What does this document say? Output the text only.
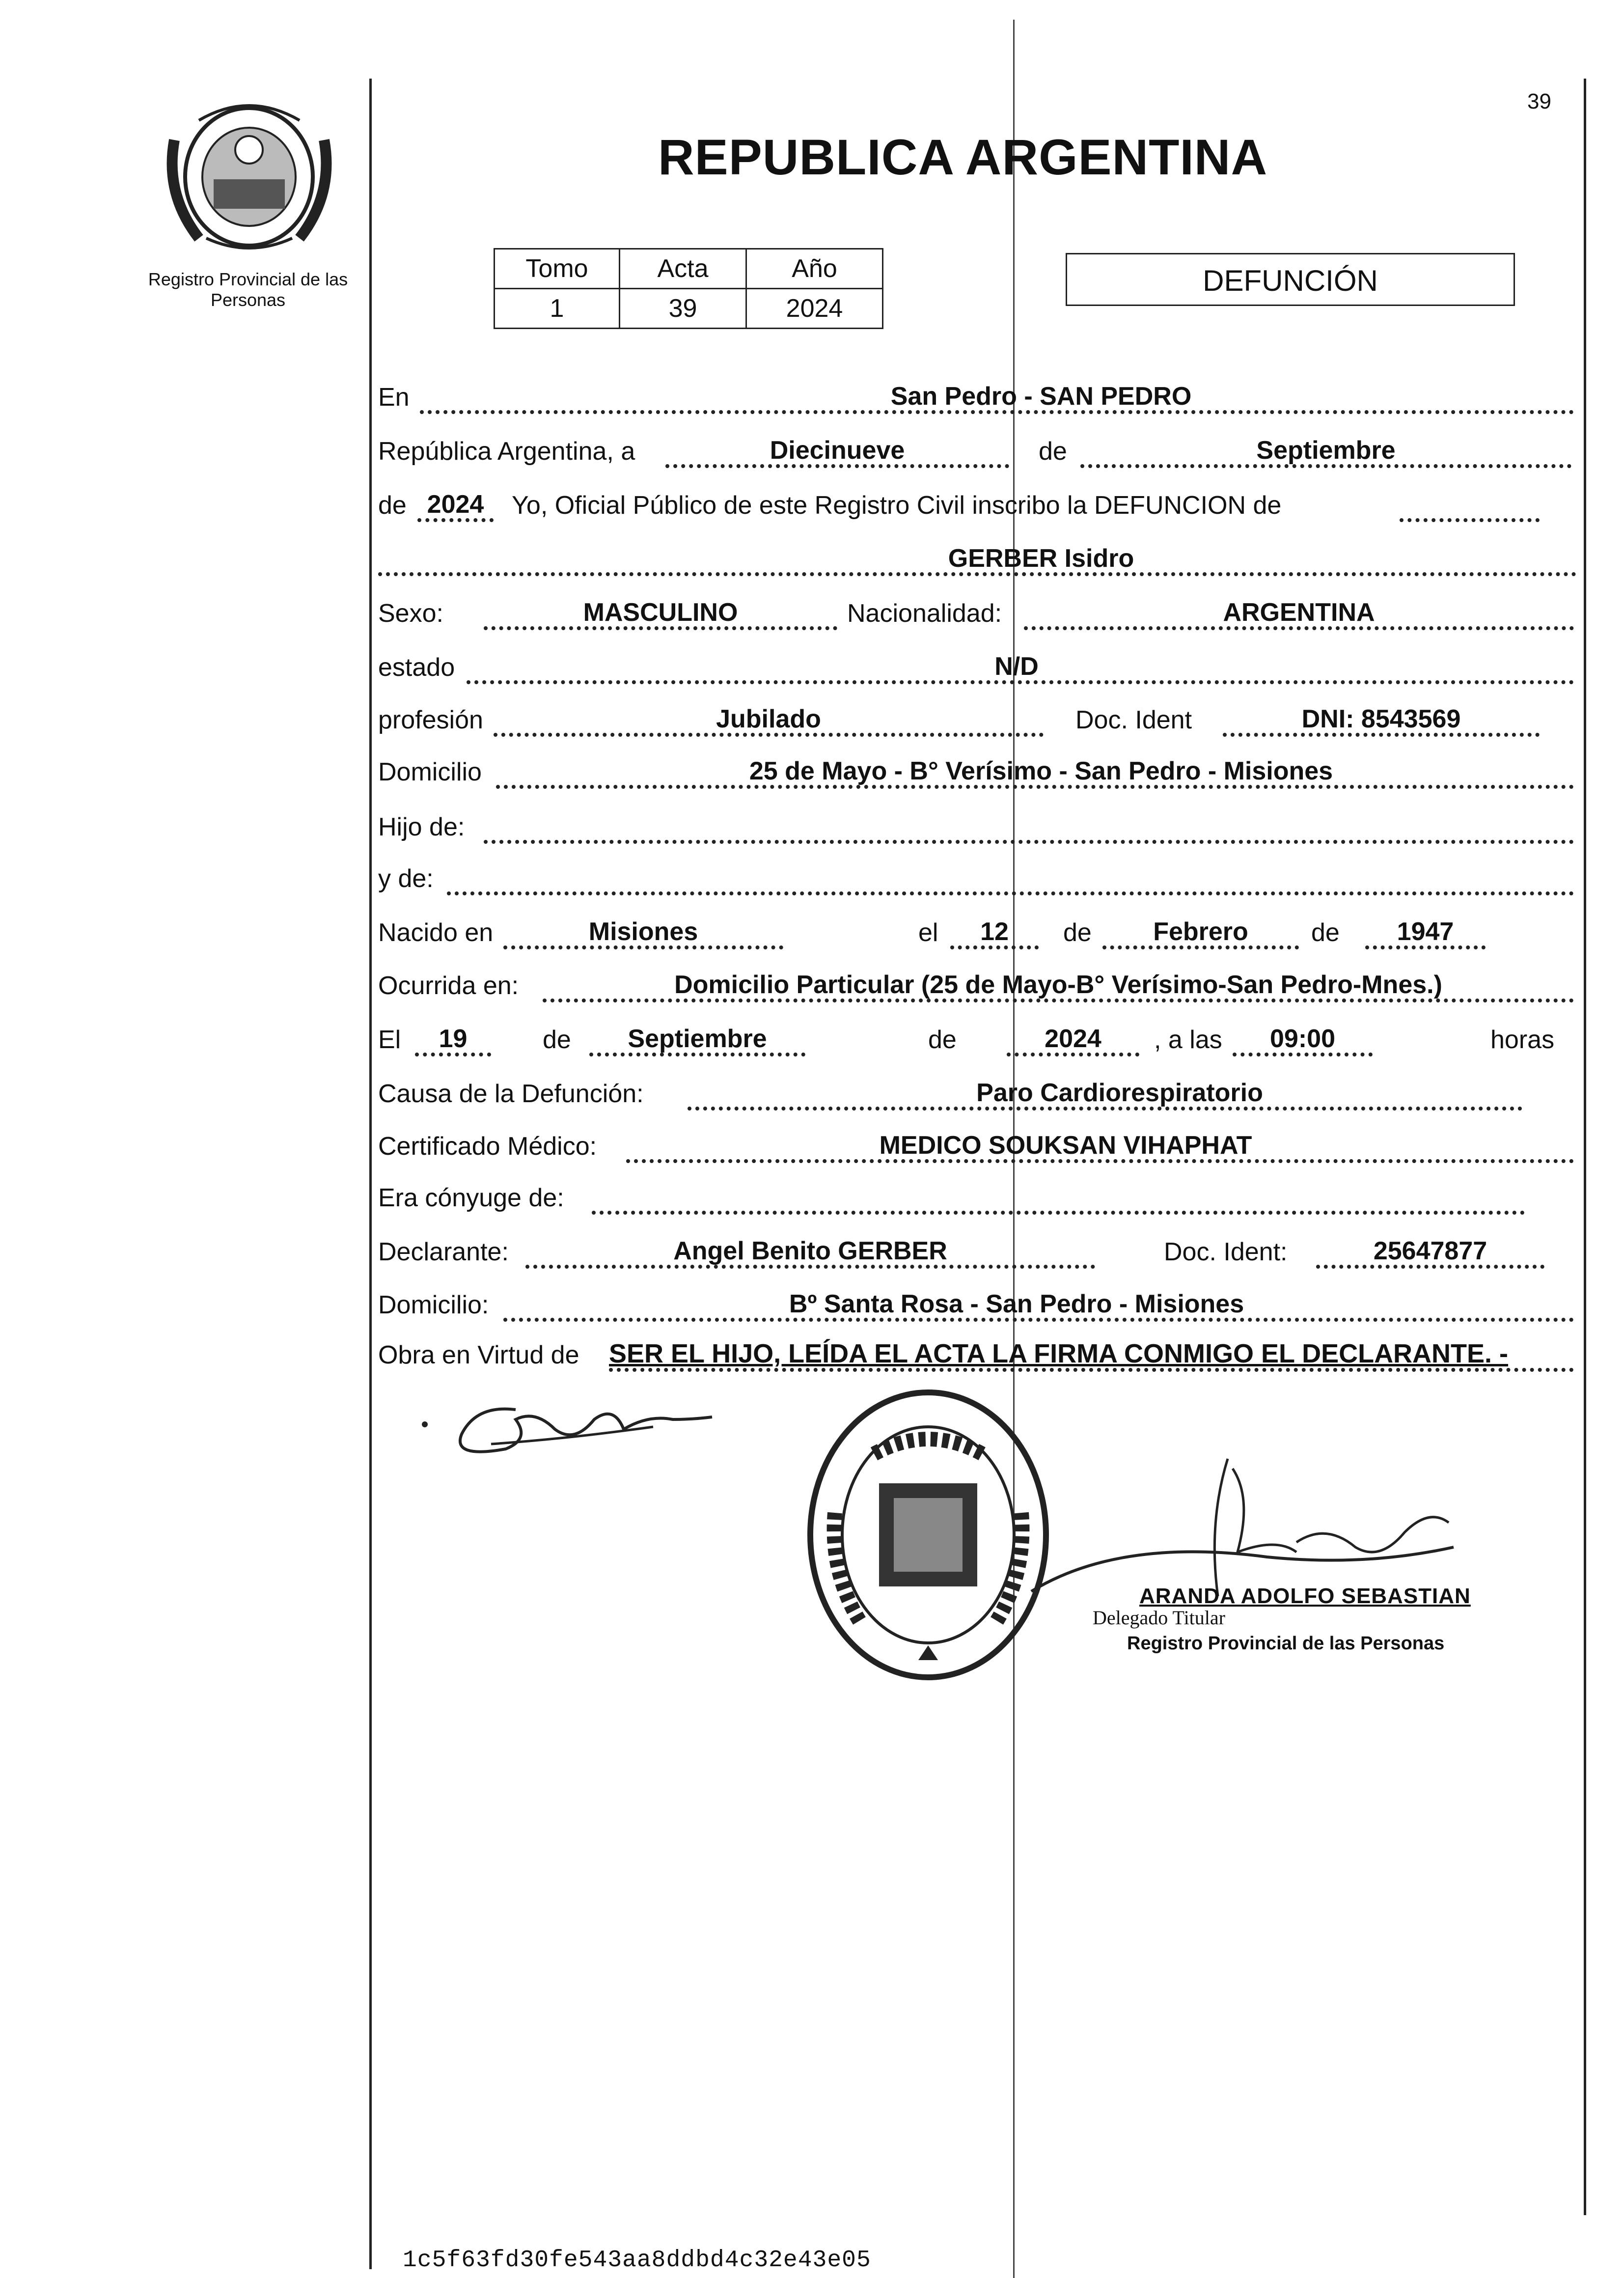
Registro Provincial de las Personas
39
REPUBLICA ARGENTINA
Tomo	Acta	Año
1	39	2024
DEFUNCIÓN
En	San Pedro - SAN PEDRO
República Argentina, a	Diecinueve	de	Septiembre
de 2024	Yo, Oficial Público de este Registro Civil inscribo la DEFUNCION de
GERBER Isidro
Sexo:	MASCULINO	Nacionalidad:	ARGENTINA
estado	N/D
profesión	Jubilado	Doc. Ident	DNI: 8543569
Domicilio	25 de Mayo - B° Verísimo - San Pedro - Misiones
Hijo de:
y de:
Nacido en	Misiones	el	12	de	Febrero	de	1947
Ocurrida en:	Domicilio Particular (25 de Mayo-B° Verísimo-San Pedro-Mnes.)
El	19	de	Septiembre	de	2024	, a las	09:00	horas
Causa de la Defunción:	Paro Cardiorespiratorio
Certificado Médico:	MEDICO SOUKSAN VIHAPHAT
Era cónyuge de:
Declarante:	Angel Benito GERBER	Doc. Ident:	25647877
Domicilio:	Bº Santa Rosa - San Pedro - Misiones
Obra en Virtud de SER EL HIJO, LEÍDA EL ACTA LA FIRMA CONMIGO EL DECLARANTE. -
ARANDA ADOLFO SEBASTIAN
Delegado Titular
Registro Provincial de las Personas
1c5f63fd30fe543aa8ddbd4c32e43e05
